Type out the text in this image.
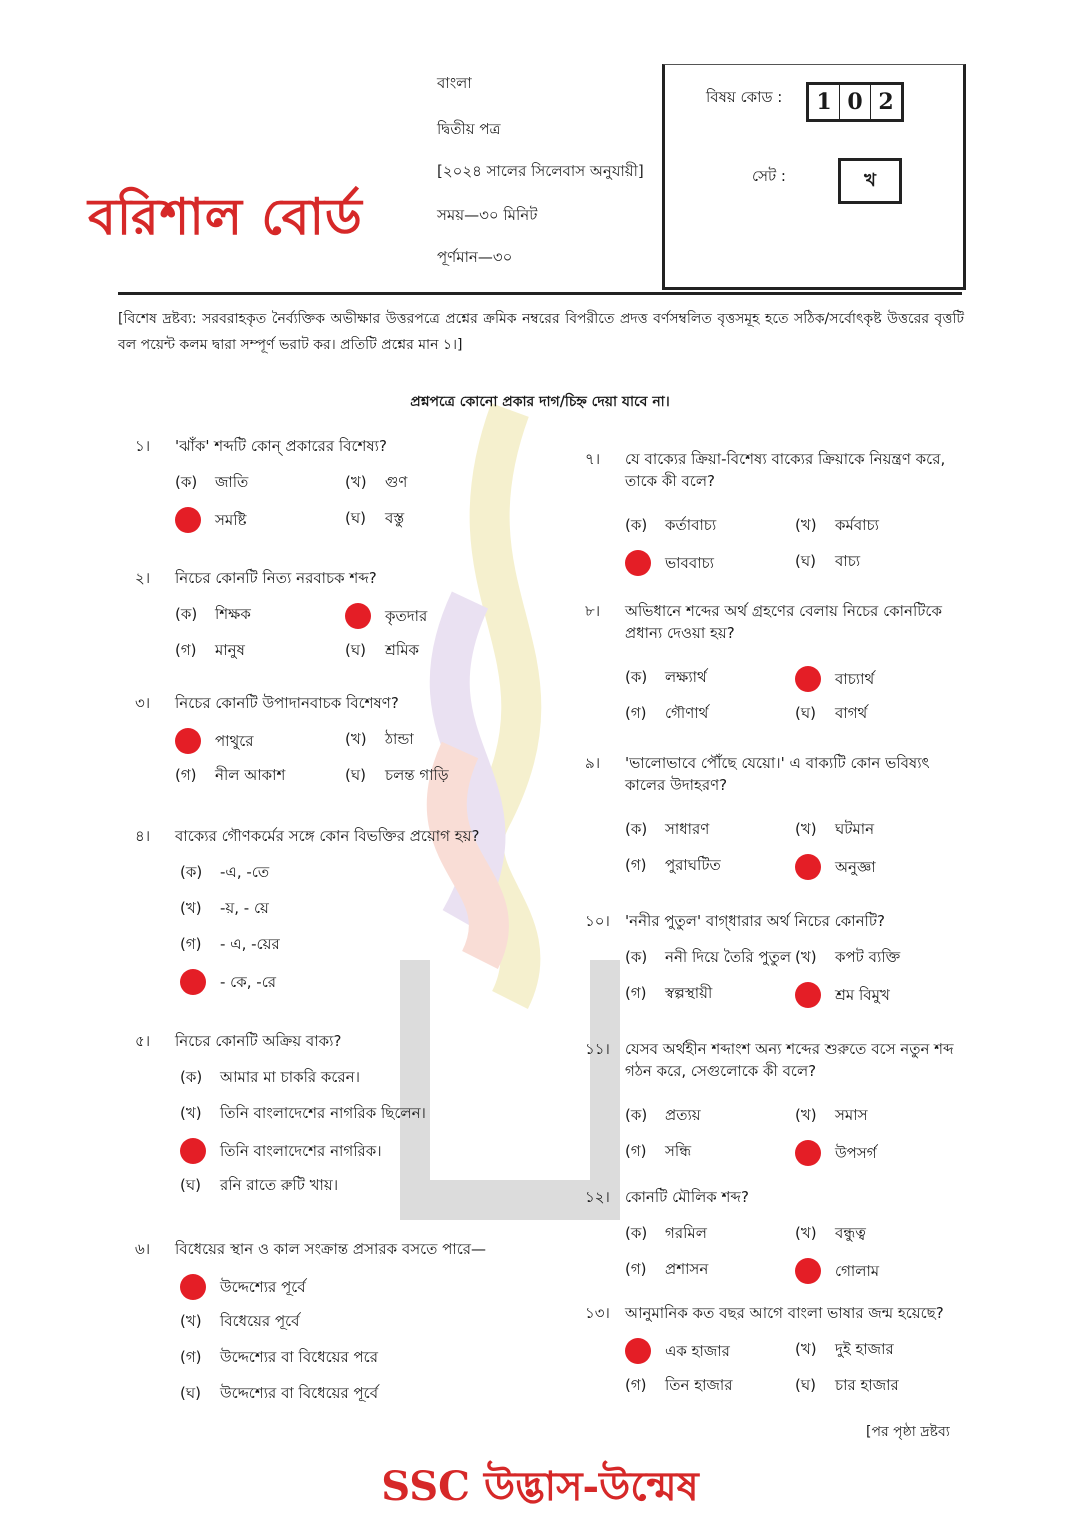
বরিশাল বোর্ড
বাংলা
দ্বিতীয় পত্র
[২০২৪ সালের সিলেবাস অনুযায়ী]
সময়—৩০ মিনিট
পূর্ণমান—৩০
বিষয় কোড :	1 0 2
সেট :	খ
[বিশেষ দ্রষ্টব্য: সরবরাহকৃত নৈর্ব্যক্তিক অভীক্ষার উত্তরপত্রে প্রশ্নের ক্রমিক নম্বরের বিপরীতে প্রদত্ত বর্ণসম্বলিত বৃত্তসমূহ হতে সঠিক/সর্বোৎকৃষ্ট উত্তরের বৃত্তটি বল পয়েন্ট কলম দ্বারা সম্পূর্ণ ভরাট কর। প্রতিটি প্রশ্নের মান ১।]
প্রশ্নপত্রে কোনো প্রকার দাগ/চিহ্ন দেয়া যাবে না।
১। 'ঝাঁক' শব্দটি কোন্ প্রকারের বিশেষ্য?
(ক) জাতি	(খ) গুণ
সমষ্টি	(ঘ) বস্তু
২। নিচের কোনটি নিত্য নরবাচক শব্দ?
(ক) শিক্ষক	কৃতদার
(গ) মানুষ	(ঘ) শ্রমিক
৩। নিচের কোনটি উপাদানবাচক বিশেষণ?
পাথুরে	(খ) ঠান্ডা
(গ) নীল আকাশ	(ঘ) চলন্ত গাড়ি
৪। বাক্যের গৌণকর্মের সঙ্গে কোন বিভক্তির প্রয়োগ হয়?
(ক) -এ, -তে
(খ) -য়, - য়ে
(গ) - এ, -য়ের
- কে, -রে
৫। নিচের কোনটি অক্রিয় বাক্য?
(ক) আমার মা চাকরি করেন।
(খ) তিনি বাংলাদেশের নাগরিক ছিলেন।
তিনি বাংলাদেশের নাগরিক।
(ঘ) রনি রাতে রুটি খায়।
৬। বিধেয়ের স্থান ও কাল সংক্রান্ত প্রসারক বসতে পারে—
উদ্দেশ্যের পূর্বে
(খ) বিধেয়ের পূর্বে
(গ) উদ্দেশ্যের বা বিধেয়ের পরে
(ঘ) উদ্দেশ্যের বা বিধেয়ের পূর্বে
৭। যে বাক্যের ক্রিয়া-বিশেষ্য বাক্যের ক্রিয়াকে নিয়ন্ত্রণ করে, তাকে কী বলে?
(ক) কর্তাবাচ্য	(খ) কর্মবাচ্য
ভাববাচ্য	(ঘ) বাচ্য
৮। অভিধানে শব্দের অর্থ গ্রহণের বেলায় নিচের কোনটিকে প্রধান্য দেওয়া হয়?
(ক) লক্ষ্যার্থ	বাচ্যার্থ
(গ) গৌণার্থ	(ঘ) বাগর্থ
৯। 'ভালোভাবে পৌঁছে যেয়ো।' এ বাক্যটি কোন ভবিষ্যৎ কালের উদাহরণ?
(ক) সাধারণ	(খ) ঘটমান
(গ) পুরাঘটিত	অনুজ্ঞা
১০। 'ননীর পুতুল' বাগ্‌ধারার অর্থ নিচের কোনটি?
(ক) ননী দিয়ে তৈরি পুতুল (খ) কপট ব্যক্তি
(গ) স্বল্পস্থায়ী	শ্রম বিমুখ
১১। যেসব অর্থহীন শব্দাংশ অন্য শব্দের শুরুতে বসে নতুন শব্দ গঠন করে, সেগুলোকে কী বলে?
(ক) প্রত্যয়	(খ) সমাস
(গ) সন্ধি	উপসর্গ
১২। কোনটি মৌলিক শব্দ?
(ক) গরমিল	(খ) বন্ধুত্ব
(গ) প্রশাসন	গোলাম
১৩। আনুমানিক কত বছর আগে বাংলা ভাষার জন্ম হয়েছে?
এক হাজার	(খ) দুই হাজার
(গ) তিন হাজার	(ঘ) চার হাজার
[পর পৃষ্ঠা দ্রষ্টব্য
SSC উদ্ভাস-উন্মেষ
